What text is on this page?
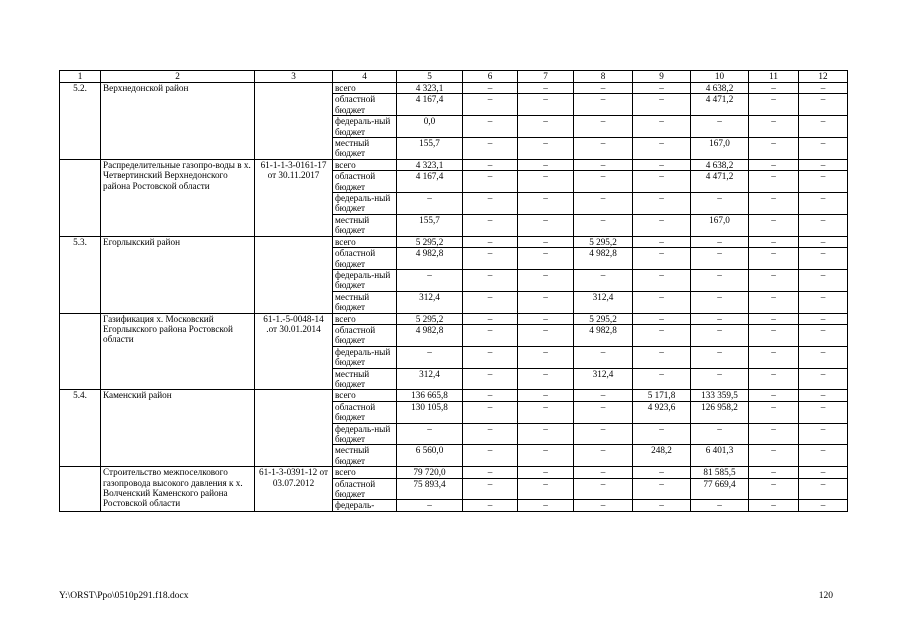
1	2	3	4	5	6	7	8	9	10	11	12
5.2.	Верхнедонской район		всего	4 323,1	–	–	–	–	4 638,2	–	–
			областной бюджет	4 167,4	–	–	–	–	4 471,2	–	–
			федераль-ный бюджет	0,0	–	–	–	–	–	–	–
			местный бюджет	155,7	–	–	–	–	167,0	–	–
	Распределительные газопро-воды в х. Четвертинский Верхнедонского района Ростовской области	61-1-1-3-0161-17 от 30.11.2017	всего	4 323,1	–	–	–	–	4 638,2	–	–
			областной бюджет	4 167,4	–	–	–	–	4 471,2	–	–
			федераль-ный бюджет	–	–	–	–	–	–	–	–
			местный бюджет	155,7	–	–	–	–	167,0	–	–
5.3.	Егорлыкский район		всего	5 295,2	–	–	5 295,2	–	–	–	–
			областной бюджет	4 982,8	–	–	4 982,8	–	–	–	–
			федераль-ный бюджет	–	–	–	–	–	–	–	–
			местный бюджет	312,4	–	–	312,4	–	–	–	–
	Газификация х. Московский Егорлыкского района Ростовской области	61-1.-5-0048-14 .от 30.01.2014	всего	5 295,2	–	–	5 295,2	–	–	–	–
			областной бюджет	4 982,8	–	–	4 982,8	–	–	–	–
			федераль-ный бюджет	–	–	–	–	–	–	–	–
			местный бюджет	312,4	–	–	312,4	–	–	–	–
5.4.	Каменский район		всего	136 665,8	–	–	–	5 171,8	133 359,5	–	–
			областной бюджет	130 105,8	–	–	–	4 923,6	126 958,2	–	–
			федераль-ный бюджет	–	–	–	–	–	–	–	–
			местный бюджет	6 560,0	–	–	–	248,2	6 401,3	–	–
	Строительство межпоселкового газопровода высокого давления к х. Волченский Каменского района Ростовской области	61-1-3-0391-12 от 03.07.2012	всего	79 720,0	–	–	–	–	81 585,5	–	–
			областной бюджет	75 893,4	–	–	–	–	77 669,4	–	–
			федераль-	–	–	–	–	–	–	–	–
Y:\ORST\Ppo\0510p291.f18.docx	120
